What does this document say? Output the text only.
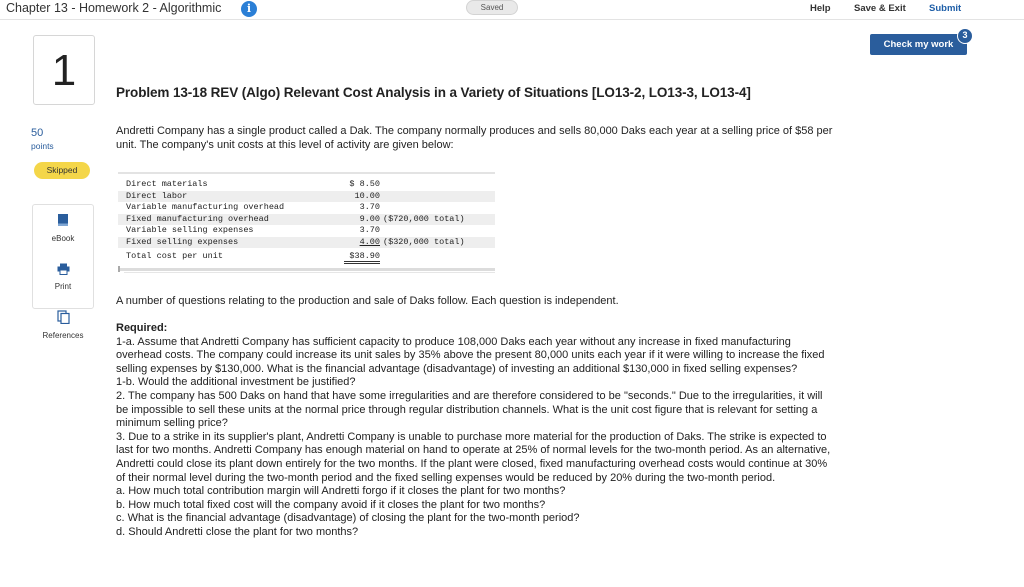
Chapter 13 - Homework 2 - Algorithmic	i	Saved	Help Save & Exit Submit
Check my work
3
1
50
points
Skipped
eBook
Print
References
Problem 13-18 REV (Algo) Relevant Cost Analysis in a Variety of Situations [LO13-2, LO13-3, LO13-4]
Andretti Company has a single product called a Dak. The company normally produces and sells 80,000 Daks each year at a selling price of $58 per unit. The company's unit costs at this level of activity are given below:
Direct materials	$ 8.50
Direct labor	10.00
Variable manufacturing overhead	3.70
Fixed manufacturing overhead	9.00 ($720,000 total)
Variable selling expenses	3.70
Fixed selling expenses	4.00 ($320,000 total)
Total cost per unit	$38.90
A number of questions relating to the production and sale of Daks follow. Each question is independent.
Required:

1-a. Assume that Andretti Company has sufficient capacity to produce 108,000 Daks each year without any increase in fixed manufacturing overhead costs. The company could increase its unit sales by 35% above the present 80,000 units each year if it were willing to increase the fixed selling expenses by $130,000. What is the financial advantage (disadvantage) of investing an additional $130,000 in fixed selling expenses?

1-b. Would the additional investment be justified?

2. The company has 500 Daks on hand that have some irregularities and are therefore considered to be "seconds." Due to the irregularities, it will be impossible to sell these units at the normal price through regular distribution channels. What is the unit cost figure that is relevant for setting a minimum selling price?

3. Due to a strike in its supplier's plant, Andretti Company is unable to purchase more material for the production of Daks. The strike is expected to last for two months. Andretti Company has enough material on hand to operate at 25% of normal levels for the two-month period. As an alternative, Andretti could close its plant down entirely for the two months. If the plant were closed, fixed manufacturing overhead costs would continue at 30% of their normal level during the two-month period and the fixed selling expenses would be reduced by 20% during the two-month period.

a. How much total contribution margin will Andretti forgo if it closes the plant for two months?

b. How much total fixed cost will the company avoid if it closes the plant for two months?

c. What is the financial advantage (disadvantage) of closing the plant for the two-month period?

d. Should Andretti close the plant for two months?
